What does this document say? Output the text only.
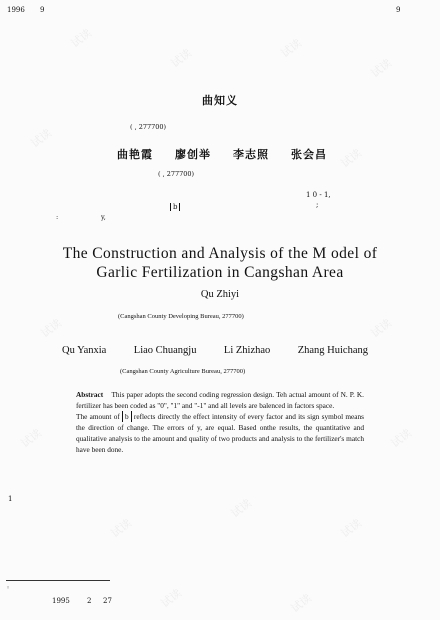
试读
试读	试读
试读
试读
试读
试读	试读
试读	试读
试读
试读
试读
试读	试读
1996 9	9
曲知义
( , 277700)
曲艳霞 廖创举 李志照 张会昌
( , 277700)
1 0 - 1,
;
b
:	y,
The Construction and Analysis of the M odel of
Garlic Fertilization in Cangshan Area
Qu Zhiyi
(Cangshan County Developing Bureau, 277700)
Qu Yanxia	Liao Chuangju	Li Zhizhao	Zhang Huichang
(Cangshan County Agriculture Bureau, 277700)
Abstract This paper adopts the second coding regression design. Teh actual amount of N. P. K. fertilizer has been coded as "0", "1" and "-1" and all levels are balenced in factors space.
The amount of b reflects directly the effect intensity of every factor and its sign symbol means the direction of change. The errors of y, are equal. Based onthe results, the quantitative and qualitative analysis to the amount and quality of two products and analysis to the fertilizer's match have been done.
1
◦
1995 2 27
